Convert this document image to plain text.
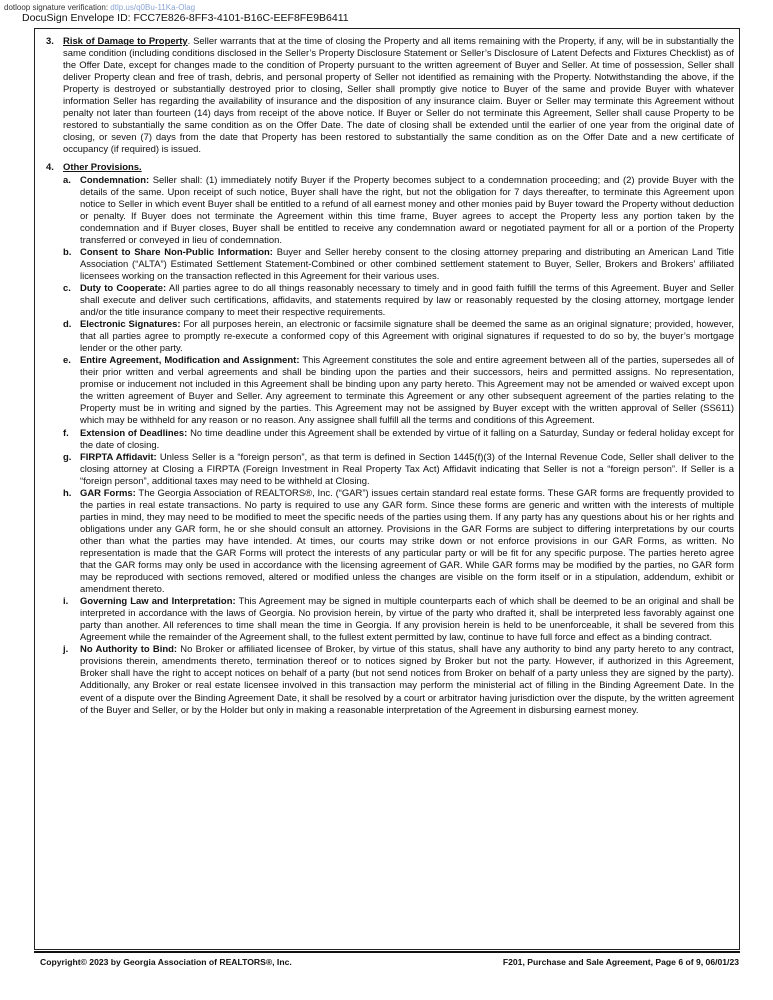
dotloop signature verification: dtlp.us/q0Bu-11Ka-Olag
DocuSign Envelope ID: FCC7E826-8FF3-4101-B16C-EEF8FE9B6411
3. Risk of Damage to Property. Seller warrants that at the time of closing the Property and all items remaining with the Property, if any, will be in substantially the same condition (including conditions disclosed in the Seller’s Property Disclosure Statement or Seller’s Disclosure of Latent Defects and Fixtures Checklist) as of the Offer Date, except for changes made to the condition of Property pursuant to the written agreement of Buyer and Seller. At time of possession, Seller shall deliver Property clean and free of trash, debris, and personal property of Seller not identified as remaining with the Property. Notwithstanding the above, if the Property is destroyed or substantially destroyed prior to closing, Seller shall promptly give notice to Buyer of the same and provide Buyer with whatever information Seller has regarding the availability of insurance and the disposition of any insurance claim. Buyer or Seller may terminate this Agreement without penalty not later than fourteen (14) days from receipt of the above notice. If Buyer or Seller do not terminate this Agreement, Seller shall cause Property to be restored to substantially the same condition as on the Offer Date. The date of closing shall be extended until the earlier of one year from the original date of closing, or seven (7) days from the date that Property has been restored to substantially the same condition as on the Offer Date and a new certificate of occupancy (if required) is issued.
4. Other Provisions.
a. Condemnation: Seller shall: (1) immediately notify Buyer if the Property becomes subject to a condemnation proceeding; and (2) provide Buyer with the details of the same. Upon receipt of such notice, Buyer shall have the right, but not the obligation for 7 days thereafter, to terminate this Agreement upon notice to Seller in which event Buyer shall be entitled to a refund of all earnest money and other monies paid by Buyer toward the Property without deduction or penalty. If Buyer does not terminate the Agreement within this time frame, Buyer agrees to accept the Property less any portion taken by the condemnation and if Buyer closes, Buyer shall be entitled to receive any condemnation award or negotiated payment for all or a portion of the Property transferred or conveyed in lieu of condemnation.
b. Consent to Share Non-Public Information: Buyer and Seller hereby consent to the closing attorney preparing and distributing an American Land Title Association (“ALTA”) Estimated Settlement Statement-Combined or other combined settlement statement to Buyer, Seller, Brokers and Brokers’ affiliated licensees working on the transaction reflected in this Agreement for their various uses.
c. Duty to Cooperate: All parties agree to do all things reasonably necessary to timely and in good faith fulfill the terms of this Agreement. Buyer and Seller shall execute and deliver such certifications, affidavits, and statements required by law or reasonably requested by the closing attorney, mortgage lender and/or the title insurance company to meet their respective requirements.
d. Electronic Signatures: For all purposes herein, an electronic or facsimile signature shall be deemed the same as an original signature; provided, however, that all parties agree to promptly re-execute a conformed copy of this Agreement with original signatures if requested to do so by, the buyer’s mortgage lender or the other party.
e. Entire Agreement, Modification and Assignment: This Agreement constitutes the sole and entire agreement between all of the parties, supersedes all of their prior written and verbal agreements and shall be binding upon the parties and their successors, heirs and permitted assigns. No representation, promise or inducement not included in this Agreement shall be binding upon any party hereto. This Agreement may not be amended or waived except upon the written agreement of Buyer and Seller. Any agreement to terminate this Agreement or any other subsequent agreement of the parties relating to the Property must be in writing and signed by the parties. This Agreement may not be assigned by Buyer except with the written approval of Seller (SS611) which may be withheld for any reason or no reason. Any assignee shall fulfill all the terms and conditions of this Agreement.
f. Extension of Deadlines: No time deadline under this Agreement shall be extended by virtue of it falling on a Saturday, Sunday or federal holiday except for the date of closing.
g. FIRPTA Affidavit: Unless Seller is a “foreign person”, as that term is defined in Section 1445(f)(3) of the Internal Revenue Code, Seller shall deliver to the closing attorney at Closing a FIRPTA (Foreign Investment in Real Property Tax Act) Affidavit indicating that Seller is not a “foreign person”. If Seller is a “foreign person”, additional taxes may need to be withheld at Closing.
h. GAR Forms: The Georgia Association of REALTORS®, Inc. (“GAR”) issues certain standard real estate forms. These GAR forms are frequently provided to the parties in real estate transactions. No party is required to use any GAR form. Since these forms are generic and written with the interests of multiple parties in mind, they may need to be modified to meet the specific needs of the parties using them. If any party has any questions about his or her rights and obligations under any GAR form, he or she should consult an attorney. Provisions in the GAR Forms are subject to differing interpretations by our courts other than what the parties may have intended. At times, our courts may strike down or not enforce provisions in our GAR Forms, as written. No representation is made that the GAR Forms will protect the interests of any particular party or will be fit for any specific purpose. The parties hereto agree that the GAR forms may only be used in accordance with the licensing agreement of GAR. While GAR forms may be modified by the parties, no GAR form may be reproduced with sections removed, altered or modified unless the changes are visible on the form itself or in a stipulation, addendum, exhibit or amendment thereto.
i. Governing Law and Interpretation: This Agreement may be signed in multiple counterparts each of which shall be deemed to be an original and shall be interpreted in accordance with the laws of Georgia. No provision herein, by virtue of the party who drafted it, shall be interpreted less favorably against one party than another. All references to time shall mean the time in Georgia. If any provision herein is held to be unenforceable, it shall be severed from this Agreement while the remainder of the Agreement shall, to the fullest extent permitted by law, continue to have full force and effect as a binding contract.
j. No Authority to Bind: No Broker or affiliated licensee of Broker, by virtue of this status, shall have any authority to bind any party hereto to any contract, provisions therein, amendments thereto, termination thereof or to notices signed by Broker but not the party. However, if authorized in this Agreement, Broker shall have the right to accept notices on behalf of a party (but not send notices from Broker on behalf of a party unless they are signed by the party). Additionally, any Broker or real estate licensee involved in this transaction may perform the ministerial act of filling in the Binding Agreement Date. In the event of a dispute over the Binding Agreement Date, it shall be resolved by a court or arbitrator having jurisdiction over the dispute, by the written agreement of the Buyer and Seller, or by the Holder but only in making a reasonable interpretation of the Agreement in disbursing earnest money.
Copyright© 2023 by Georgia Association of REALTORS®, Inc.	F201, Purchase and Sale Agreement, Page 6 of 9, 06/01/23
